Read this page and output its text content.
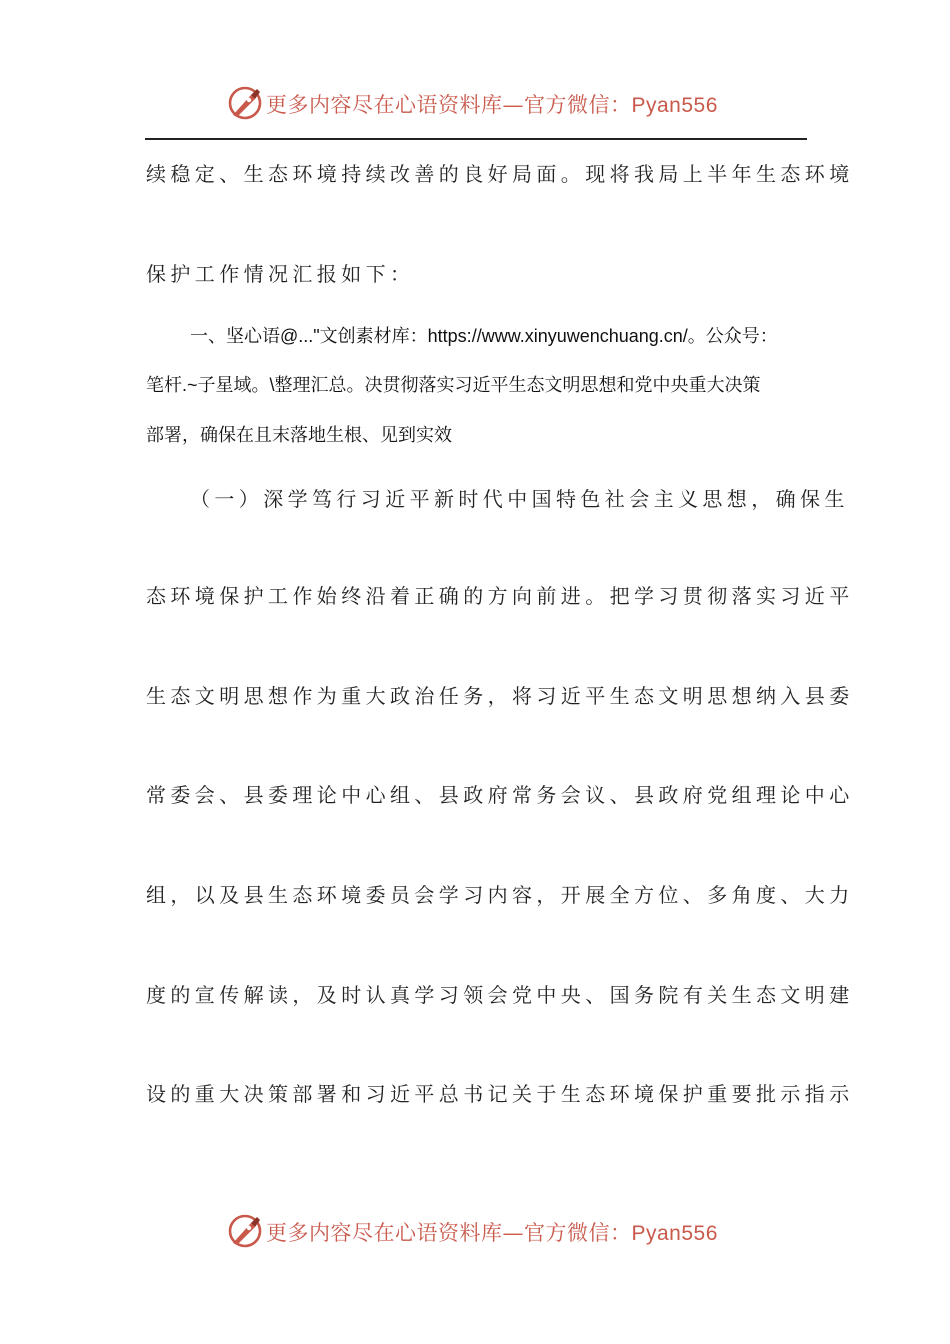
更多内容尽在心语资料库—官方微信：Pyan556
续稳定、生态环境持续改善的良好局面。现将我局上半年生态环境
保护工作情况汇报如下：
一、坚心语@..."文创素材库：https://www.xinyuwenchuang.cn/。公众号：
笔杆.~子星域。\整理汇总。决贯彻落实习近平生态文明思想和党中央重大决策
部署，确保在且末落地生根、见到实效
（一）深学笃行习近平新时代中国特色社会主义思想，确保生
态环境保护工作始终沿着正确的方向前进。把学习贯彻落实习近平
生态文明思想作为重大政治任务，将习近平生态文明思想纳入县委
常委会、县委理论中心组、县政府常务会议、县政府党组理论中心
组，以及县生态环境委员会学习内容，开展全方位、多角度、大力
度的宣传解读，及时认真学习领会党中央、国务院有关生态文明建
设的重大决策部署和习近平总书记关于生态环境保护重要批示指示
更多内容尽在心语资料库—官方微信：Pyan556
